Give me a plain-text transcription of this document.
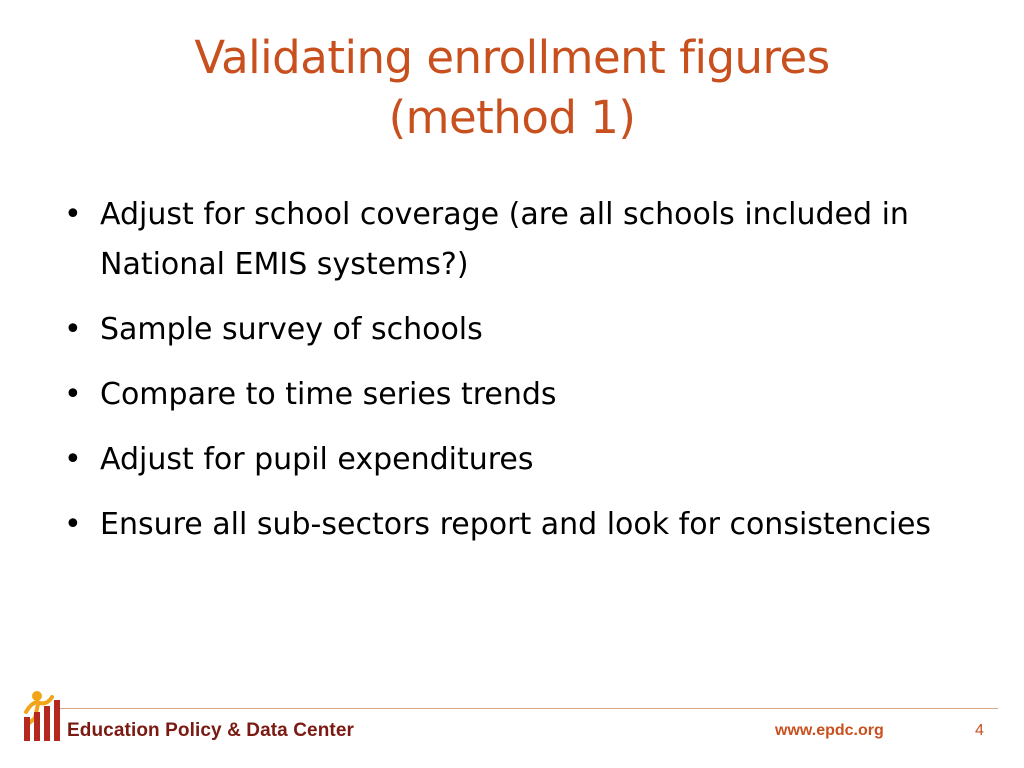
Validating enrollment figures
(method 1)
• Adjust for school coverage (are all schools included in National EMIS systems?)
• Sample survey of schools
• Compare to time series trends
• Adjust for pupil expenditures
• Ensure all sub-sectors report and look for consistencies
Education Policy & Data Center	www.epdc.org	4
